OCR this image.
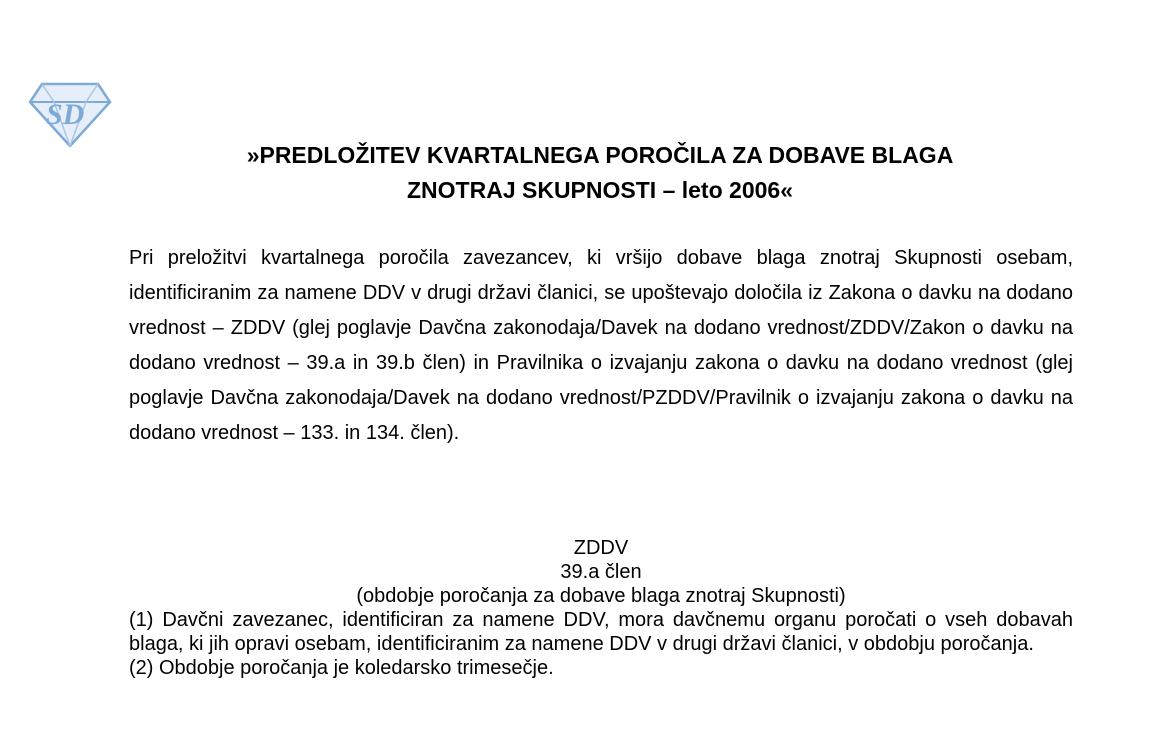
SD
»PREDLOŽITEV KVARTALNEGA POROČILA ZA DOBAVE BLAGA
ZNOTRAJ SKUPNOSTI – leto 2006«
Pri preložitvi kvartalnega poročila zavezancev, ki vršijo dobave blaga znotraj Skupnosti osebam, identificiranim za namene DDV v drugi državi članici, se upoštevajo določila iz Zakona o davku na dodano vrednost – ZDDV (glej poglavje Davčna zakonodaja/Davek na dodano vrednost/ZDDV/Zakon o davku na dodano vrednost – 39.a in 39.b člen) in Pravilnika o izvajanju zakona o davku na dodano vrednost (glej poglavje Davčna zakonodaja/Davek na dodano vrednost/PZDDV/Pravilnik o izvajanju zakona o davku na dodano vrednost – 133. in 134. člen).
ZDDV
39.a člen
(obdobje poročanja za dobave blaga znotraj Skupnosti)
(1) Davčni zavezanec, identificiran za namene DDV, mora davčnemu organu poročati o vseh dobavah blaga, ki jih opravi osebam, identificiranim za namene DDV v drugi državi članici, v obdobju poročanja.
(2) Obdobje poročanja je koledarsko trimesečje.
